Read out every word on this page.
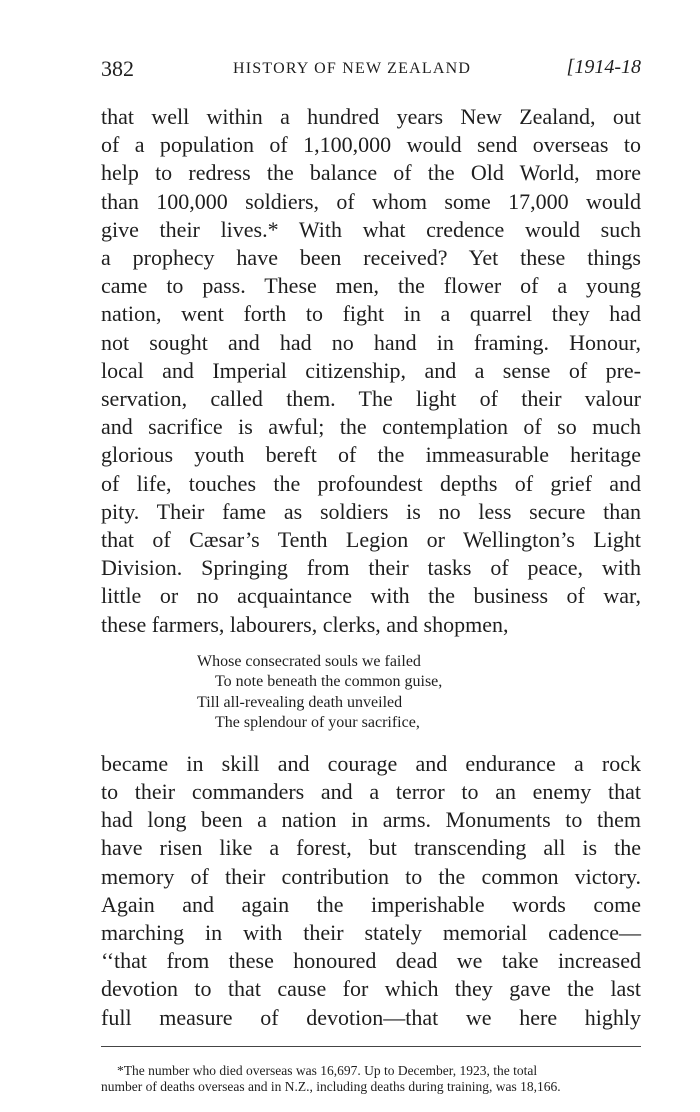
382	HISTORY OF NEW ZEALAND	[1914-18
that well within a hundred years New Zealand, out
of a population of 1,100,000 would send overseas to
help to redress the balance of the Old World, more
than 100,000 soldiers, of whom some 17,000 would
give their lives.* With what credence would such
a prophecy have been received? Yet these things
came to pass. These men, the flower of a young
nation, went forth to fight in a quarrel they had
not sought and had no hand in framing. Honour,
local and Imperial citizenship, and a sense of pre-
servation, called them. The light of their valour
and sacrifice is awful; the contemplation of so much
glorious youth bereft of the immeasurable heritage
of life, touches the profoundest depths of grief and
pity. Their fame as soldiers is no less secure than
that of Cæsar’s Tenth Legion or Wellington’s Light
Division. Springing from their tasks of peace, with
little or no acquaintance with the business of war,
these farmers, labourers, clerks, and shopmen,
Whose consecrated souls we failed
To note beneath the common guise,
Till all-revealing death unveiled
The splendour of your sacrifice,
became in skill and courage and endurance a rock
to their commanders and a terror to an enemy that
had long been a nation in arms. Monuments to them
have risen like a forest, but transcending all is the
memory of their contribution to the common victory.
Again and again the imperishable words come
marching in with their stately memorial cadence—
‘‘that from these honoured dead we take increased
devotion to that cause for which they gave the last
full measure of devotion—that we here highly
*The number who died overseas was 16,697. Up to December, 1923, the total
number of deaths overseas and in N.Z., including deaths during training, was 18,166.
